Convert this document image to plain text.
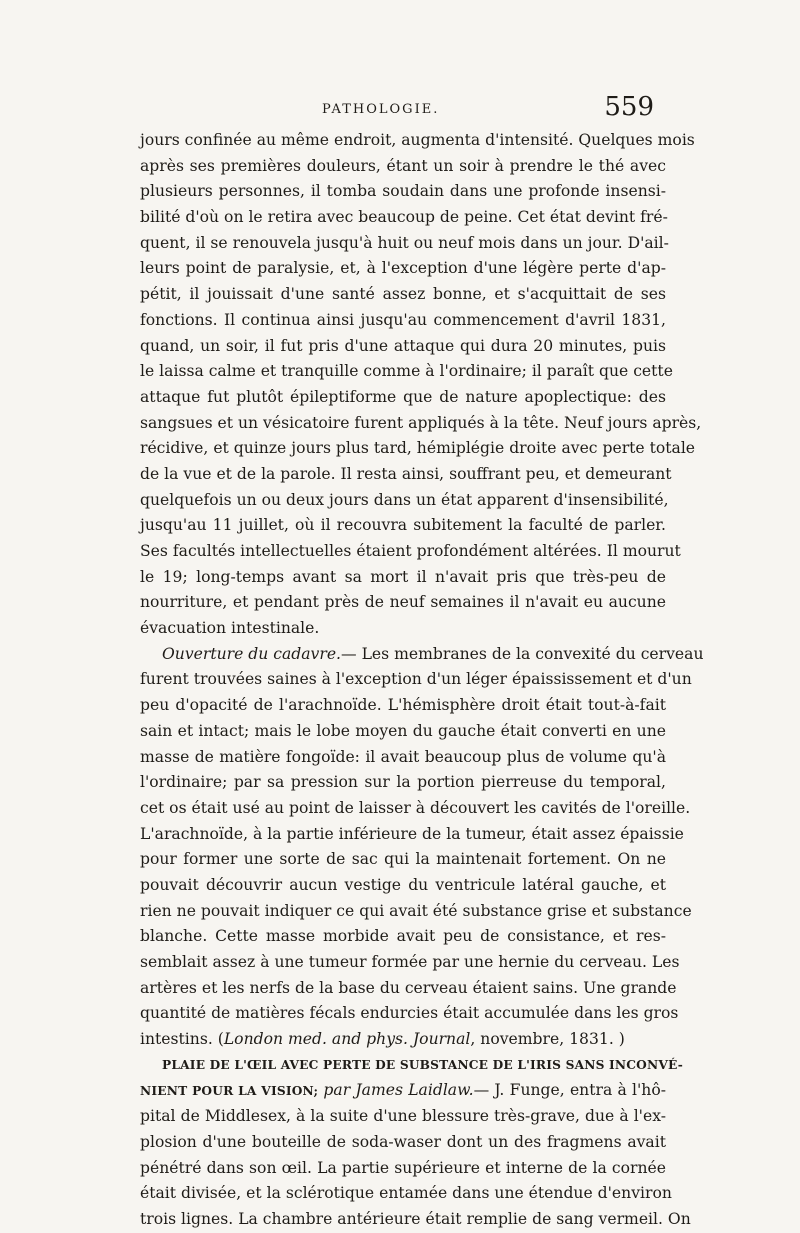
PATHOLOGIE.	559
jours confinée au même endroit, augmenta d'intensité. Quelques mois
après ses premières douleurs, étant un soir à prendre le thé avec
plusieurs personnes, il tomba soudain dans une profonde insensi-
bilité d'où on le retira avec beaucoup de peine. Cet état devint fré-
quent, il se renouvela jusqu'à huit ou neuf mois dans un jour. D'ail-
leurs point de paralysie, et, à l'exception d'une légère perte d'ap-
pétit, il jouissait d'une santé assez bonne, et s'acquittait de ses
fonctions. Il continua ainsi jusqu'au commencement d'avril 1831,
quand, un soir, il fut pris d'une attaque qui dura 20 minutes, puis
le laissa calme et tranquille comme à l'ordinaire; il paraît que cette
attaque fut plutôt épileptiforme que de nature apoplectique: des
sangsues et un vésicatoire furent appliqués à la tête. Neuf jours après,
récidive, et quinze jours plus tard, hémiplégie droite avec perte totale
de la vue et de la parole. Il resta ainsi, souffrant peu, et demeurant
quelquefois un ou deux jours dans un état apparent d'insensibilité,
jusqu'au 11 juillet, où il recouvra subitement la faculté de parler.
Ses facultés intellectuelles étaient profondément altérées. Il mourut
le 19; long-temps avant sa mort il n'avait pris que très-peu de
nourriture, et pendant près de neuf semaines il n'avait eu aucune
évacuation intestinale.
Ouverture du cadavre.— Les membranes de la convexité du cerveau
furent trouvées saines à l'exception d'un léger épaississement et d'un
peu d'opacité de l'arachnoïde. L'hémisphère droit était tout-à-fait
sain et intact; mais le lobe moyen du gauche était converti en une
masse de matière fongoïde: il avait beaucoup plus de volume qu'à
l'ordinaire; par sa pression sur la portion pierreuse du temporal,
cet os était usé au point de laisser à découvert les cavités de l'oreille.
L'arachnoïde, à la partie inférieure de la tumeur, était assez épaissie
pour former une sorte de sac qui la maintenait fortement. On ne
pouvait découvrir aucun vestige du ventricule latéral gauche, et
rien ne pouvait indiquer ce qui avait été substance grise et substance
blanche. Cette masse morbide avait peu de consistance, et res-
semblait assez à une tumeur formée par une hernie du cerveau. Les
artères et les nerfs de la base du cerveau étaient sains. Une grande
quantité de matières fécals endurcies était accumulée dans les gros
intestins. (London med. and phys. Journal, novembre, 1831. )
PLAIE DE L'ŒIL AVEC PERTE DE SUBSTANCE DE L'IRIS SANS INCONVÉ-
NIENT POUR LA VISION; par James Laidlaw.— J. Funge, entra à l'hô-
pital de Middlesex, à la suite d'une blessure très-grave, due à l'ex-
plosion d'une bouteille de soda-waser dont un des fragmens avait
pénétré dans son œil. La partie supérieure et interne de la cornée
était divisée, et la sclérotique entamée dans une étendue d'environ
trois lignes. La chambre antérieure était remplie de sang vermeil. On
